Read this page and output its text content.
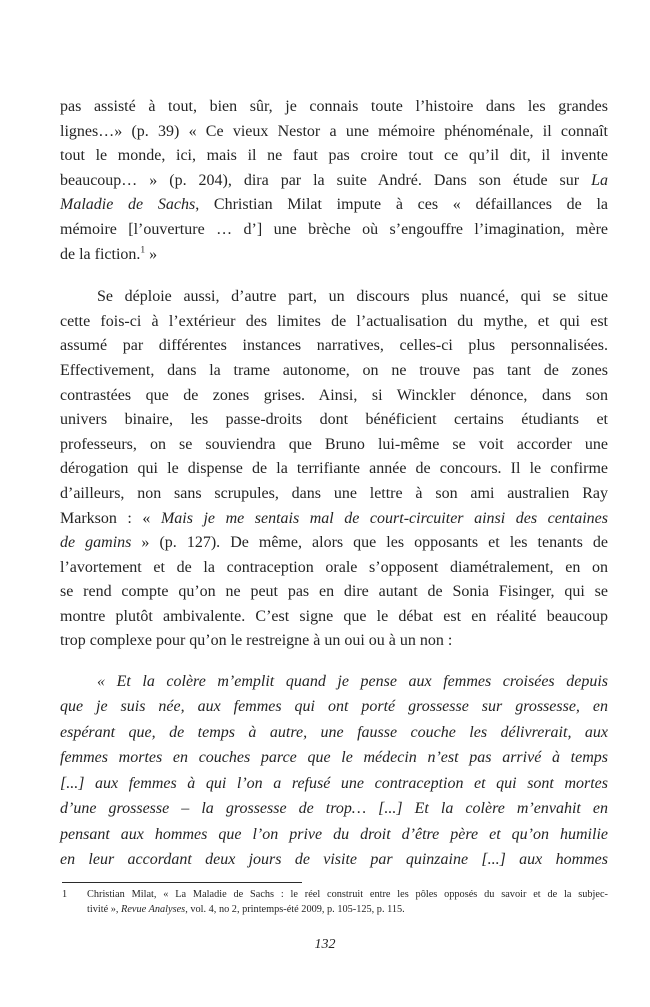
pas assisté à tout, bien sûr, je connais toute l’histoire dans les grandes
lignes…» (p. 39) « Ce vieux Nestor a une mémoire phénoménale, il connaît
tout le monde, ici, mais il ne faut pas croire tout ce qu’il dit, il invente
beaucoup… » (p. 204), dira par la suite André. Dans son étude sur La
Maladie de Sachs, Christian Milat impute à ces « défaillances de la
mémoire [l’ouverture … d’] une brèche où s’engouffre l’imagination, mère
de la fiction.$^1$ »
Se déploie aussi, d’autre part, un discours plus nuancé, qui se situe
cette fois-ci à l’extérieur des limites de l’actualisation du mythe, et qui est
assumé par différentes instances narratives, celles-ci plus personnalisées.
Effectivement, dans la trame autonome, on ne trouve pas tant de zones
contrastées que de zones grises. Ainsi, si Winckler dénonce, dans son
univers binaire, les passe-droits dont bénéficient certains étudiants et
professeurs, on se souviendra que Bruno lui-même se voit accorder une
dérogation qui le dispense de la terrifiante année de concours. Il le confirme
d’ailleurs, non sans scrupules, dans une lettre à son ami australien Ray
Markson : « Mais je me sentais mal de court-circuiter ainsi des centaines
de gamins » (p. 127). De même, alors que les opposants et les tenants de
l’avortement et de la contraception orale s’opposent diamétralement, en on
se rend compte qu’on ne peut pas en dire autant de Sonia Fisinger, qui se
montre plutôt ambivalente. C’est signe que le débat est en réalité beaucoup
trop complexe pour qu’on le restreigne à un oui ou à un non :
« Et la colère m’emplit quand je pense aux femmes croisées depuis
que je suis née, aux femmes qui ont porté grossesse sur grossesse, en
espérant que, de temps à autre, une fausse couche les délivrerait, aux
femmes mortes en couches parce que le médecin n’est pas arrivé à temps
[...] aux femmes à qui l’on a refusé une contraception et qui sont mortes
d’une grossesse – la grossesse de trop… [...] Et la colère m’envahit en
pensant aux hommes que l’on prive du droit d’être père et qu’on humilie
en leur accordant deux jours de visite par quinzaine [...] aux hommes
1	Christian Milat, « La Maladie de Sachs : le réel construit entre les pôles opposés du savoir et de la subjec-
tivité », Revue Analyses, vol. 4, no 2, printemps-été 2009, p. 105-125, p. 115.
132
